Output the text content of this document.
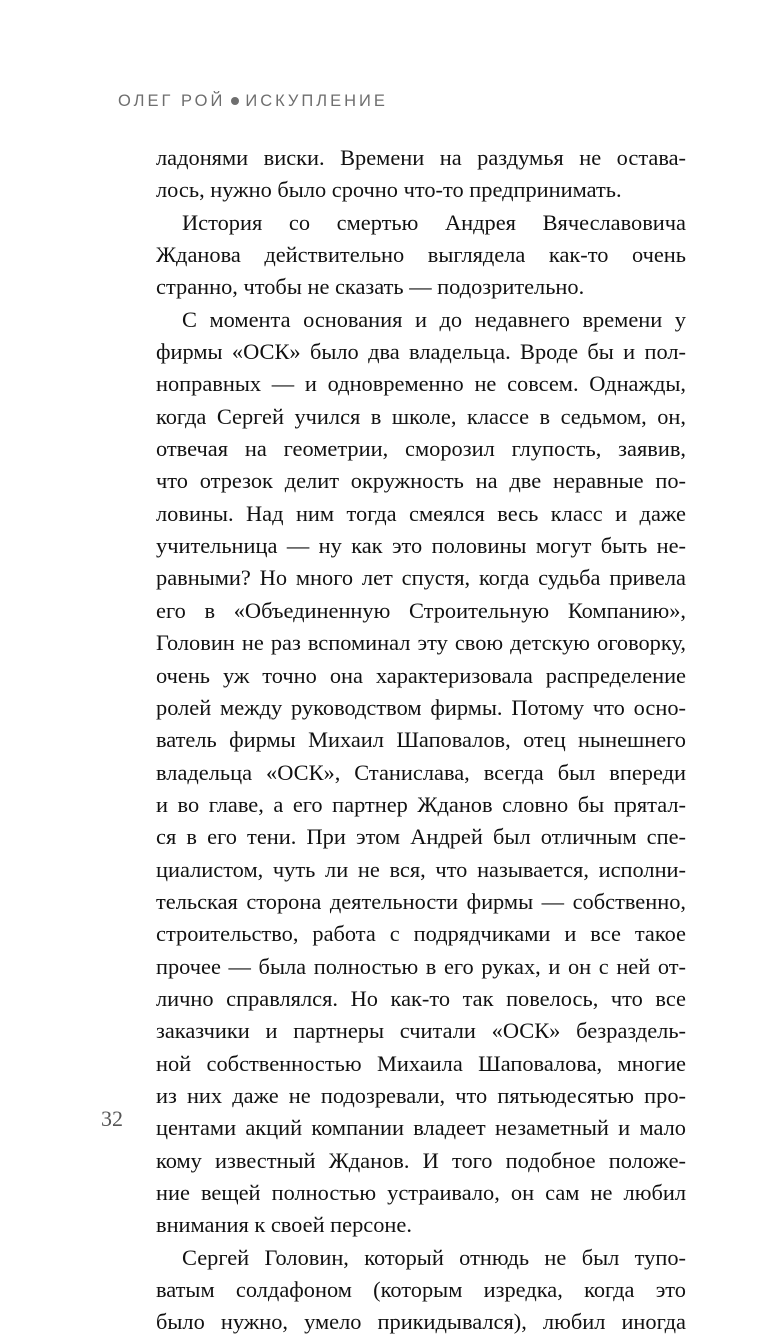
ОЛЕГ РОЙ ИСКУПЛЕНИЕ
ладонями виски. Времени на раздумья не остава-
лось, нужно было срочно что-то предпринимать.
История со смертью Андрея Вячеславовича
Жданова действительно выглядела как-то очень
странно, чтобы не сказать — подозрительно.
С момента основания и до недавнего времени у
фирмы «ОСК» было два владельца. Вроде бы и пол-
ноправных — и одновременно не совсем. Однажды,
когда Сергей учился в школе, классе в седьмом, он,
отвечая на геометрии, сморозил глупость, заявив,
что отрезок делит окружность на две неравные по-
ловины. Над ним тогда смеялся весь класс и даже
учительница — ну как это половины могут быть не-
равными? Но много лет спустя, когда судьба привела
его в «Объединенную Строительную Компанию»,
Головин не раз вспоминал эту свою детскую оговорку,
очень уж точно она характеризовала распределение
ролей между руководством фирмы. Потому что осно-
ватель фирмы Михаил Шаповалов, отец нынешнего
владельца «ОСК», Станислава, всегда был впереди
и во главе, а его партнер Жданов словно бы прятал-
ся в его тени. При этом Андрей был отличным спе-
циалистом, чуть ли не вся, что называется, исполни-
тельская сторона деятельности фирмы — собственно,
строительство, работа с подрядчиками и все такое
прочее — была полностью в его руках, и он с ней от-
лично справлялся. Но как-то так повелось, что все
заказчики и партнеры считали «ОСК» безраздель-
ной собственностью Михаила Шаповалова, многие
из них даже не подозревали, что пятьюдесятью про-
центами акций компании владеет незаметный и мало
кому известный Жданов. И того подобное положе-
ние вещей полностью устраивало, он сам не любил
внимания к своей персоне.
Сергей Головин, который отнюдь не был тупо-
ватым солдафоном (которым изредка, когда это
было нужно, умело прикидывался), любил иногда
32
